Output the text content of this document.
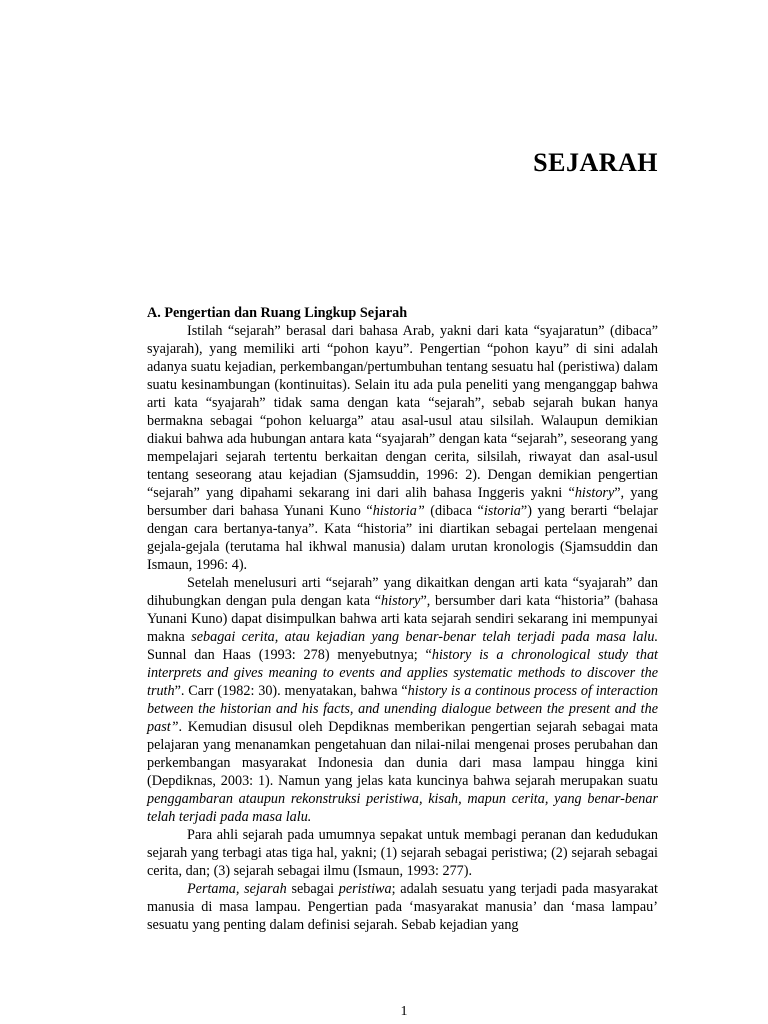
SEJARAH
A. Pengertian dan Ruang Lingkup Sejarah

Istilah “sejarah” berasal dari bahasa Arab, yakni dari kata “syajaratun” (dibaca” syajarah), yang memiliki arti “pohon kayu”. Pengertian “pohon kayu” di sini adalah adanya suatu kejadian, perkembangan/pertumbuhan tentang sesuatu hal (peristiwa) dalam suatu kesinambungan (kontinuitas). Selain itu ada pula peneliti yang menganggap bahwa arti kata “syajarah” tidak sama dengan kata “sejarah”, sebab sejarah bukan hanya bermakna sebagai “pohon keluarga” atau asal-usul atau silsilah. Walaupun demikian diakui bahwa ada hubungan antara kata “syajarah” dengan kata “sejarah”, seseorang yang mempelajari sejarah tertentu berkaitan dengan cerita, silsilah, riwayat dan asal-usul tentang seseorang atau kejadian (Sjamsuddin, 1996: 2). Dengan demikian pengertian “sejarah” yang dipahami sekarang ini dari alih bahasa Inggeris yakni “history”, yang bersumber dari bahasa Yunani Kuno “historia” (dibaca “istoria”) yang berarti “belajar dengan cara bertanya-tanya”. Kata “historia” ini diartikan sebagai pertelaan mengenai gejala-gejala (terutama hal ikhwal manusia) dalam urutan kronologis (Sjamsuddin dan Ismaun, 1996: 4).

Setelah menelusuri arti “sejarah” yang dikaitkan dengan arti kata “syajarah” dan dihubungkan dengan pula dengan kata “history”, bersumber dari kata “historia” (bahasa Yunani Kuno) dapat disimpulkan bahwa arti kata sejarah sendiri sekarang ini mempunyai makna sebagai cerita, atau kejadian yang benar-benar telah terjadi pada masa lalu. Sunnal dan Haas (1993: 278) menyebutnya; “history is a chronological study that interprets and gives meaning to events and applies systematic methods to discover the truth”. Carr (1982: 30). menyatakan, bahwa “history is a continous process of interaction between the historian and his facts, and unending dialogue between the present and the past”. Kemudian disusul oleh Depdiknas memberikan pengertian sejarah sebagai mata pelajaran yang menanamkan pengetahuan dan nilai-nilai mengenai proses perubahan dan perkembangan masyarakat Indonesia dan dunia dari masa lampau hingga kini (Depdiknas, 2003: 1). Namun yang jelas kata kuncinya bahwa sejarah merupakan suatu penggambaran ataupun rekonstruksi peristiwa, kisah, mapun cerita, yang benar-benar telah terjadi pada masa lalu.

Para ahli sejarah pada umumnya sepakat untuk membagi peranan dan kedudukan sejarah yang terbagi atas tiga hal, yakni; (1) sejarah sebagai peristiwa; (2) sejarah sebagai cerita, dan; (3) sejarah sebagai ilmu (Ismaun, 1993: 277).

Pertama, sejarah sebagai peristiwa; adalah sesuatu yang terjadi pada masyarakat manusia di masa lampau. Pengertian pada ‘masyarakat manusia’ dan ‘masa lampau’ sesuatu yang penting dalam definisi sejarah. Sebab kejadian yang

1
